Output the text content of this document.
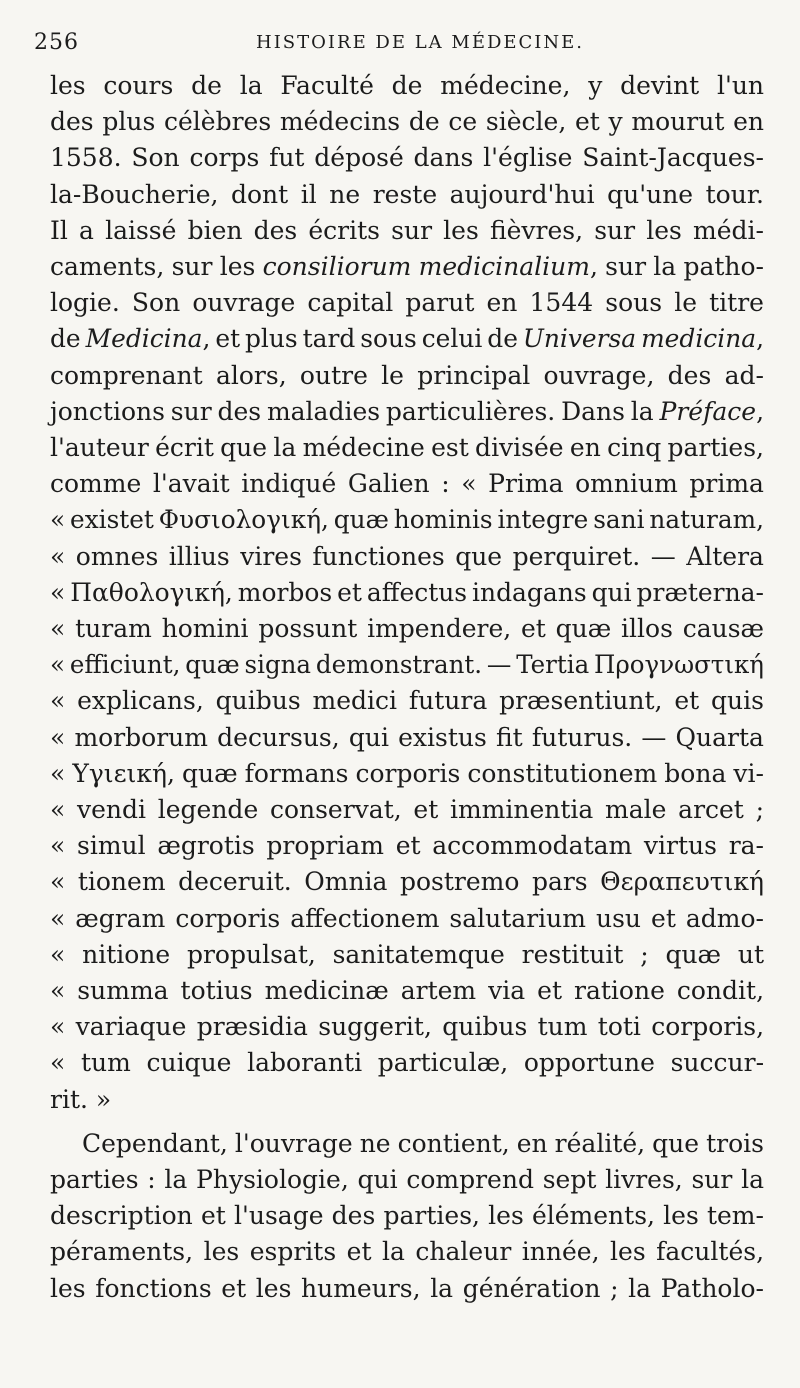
256	HISTOIRE DE LA MÉDECINE.
les cours de la Faculté de médecine, y devint l'un
des plus célèbres médecins de ce siècle, et y mourut en
1558. Son corps fut déposé dans l'église Saint-Jacques-
la-Boucherie, dont il ne reste aujourd'hui qu'une tour.
Il a laissé bien des écrits sur les fièvres, sur les médi-
caments, sur les consiliorum medicinalium, sur la patho-
logie. Son ouvrage capital parut en 1544 sous le titre
de Medicina, et plus tard sous celui de Universa medicina,
comprenant alors, outre le principal ouvrage, des ad-
jonctions sur des maladies particulières. Dans la Préface,
l'auteur écrit que la médecine est divisée en cinq parties,
comme l'avait indiqué Galien : « Prima omnium prima
« existet Φυσιολογική, quæ hominis integre sani naturam,
« omnes illius vires functiones que perquiret. — Altera
« Παθολογική, morbos et affectus indagans qui præterna-
« turam homini possunt impendere, et quæ illos causæ
« efficiunt, quæ signa demonstrant. — Tertia Προγνωστική
« explicans, quibus medici futura præsentiunt, et quis
« morborum decursus, qui existus fit futurus. — Quarta
« Υγιεική, quæ formans corporis constitutionem bona vi-
« vendi legende conservat, et imminentia male arcet ;
« simul ægrotis propriam et accommodatam virtus ra-
« tionem deceruit. Omnia postremo pars Θεραπευτική
« ægram corporis affectionem salutarium usu et admo-
« nitione propulsat, sanitatemque restituit ; quæ ut
« summa totius medicinæ artem via et ratione condit,
« variaque præsidia suggerit, quibus tum toti corporis,
« tum cuique laboranti particulæ, opportune succur-
rit. »
Cependant, l'ouvrage ne contient, en réalité, que trois
parties : la Physiologie, qui comprend sept livres, sur la
description et l'usage des parties, les éléments, les tem-
péraments, les esprits et la chaleur innée, les facultés,
les fonctions et les humeurs, la génération ; la Patholo-
